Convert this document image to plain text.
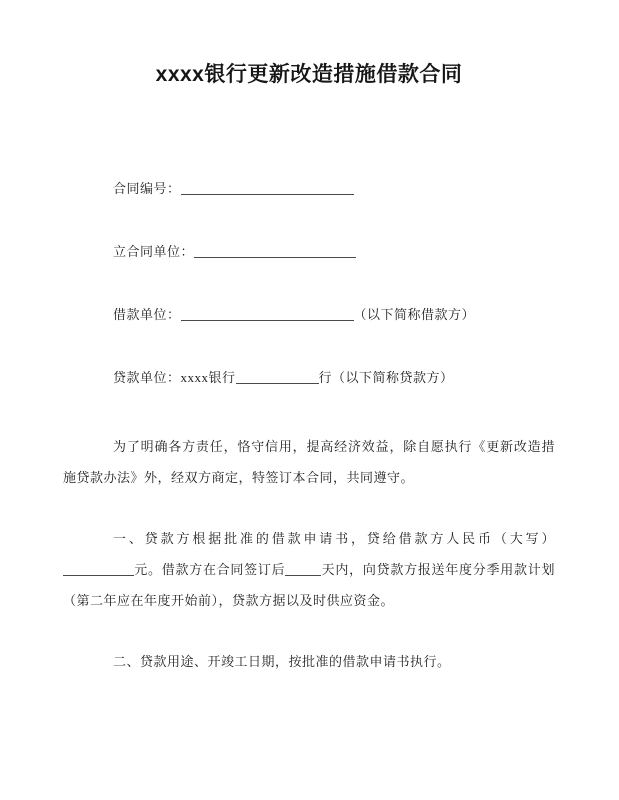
xxxx银行更新改造措施借款合同
合同编号：
立合同单位：
借款单位：	（以下简称借款方）
贷款单位：xxxx银行	行（以下简称贷款方）

为了明确各方责任，恪守信用，提高经济效益，除自愿执行《更新改造措施贷款办法》外，经双方商定，特签订本合同，共同遵守。

一、贷款方根据批准的借款申请书，贷给借款方人民币（大写）元。借款方在合同签订后	天内，向贷款方报送年度分季用款计划（第二年应在年度开始前），贷款方据以及时供应资金。

二、贷款用途、开竣工日期，按批准的借款申请书执行。
